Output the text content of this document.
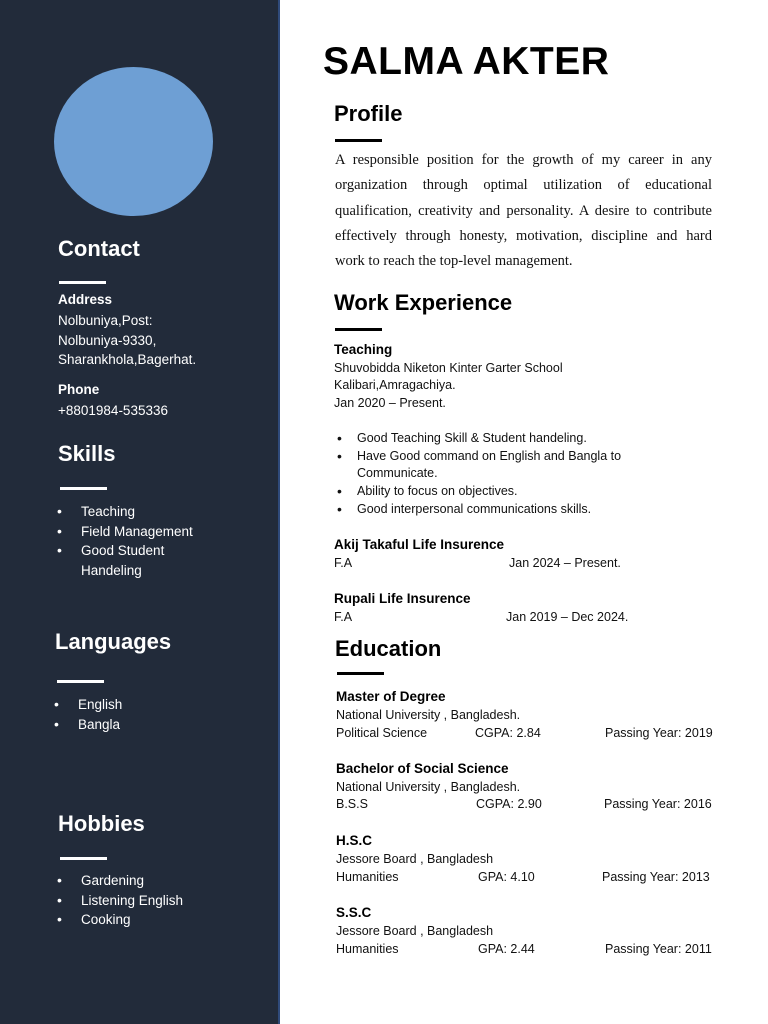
Contact
Address
Nolbuniya,Post:
Nolbuniya-9330,
Sharankhola,Bagerhat.
Phone
+8801984-535336
Skills
• Teaching
• Field Management
• Good Student
Handeling
Languages
• English
• Bangla
Hobbies
• Gardening
• Listening English
• Cooking
SALMA AKTER
Profile
A responsible position for the growth of my career in any organization through optimal utilization of educational qualification, creativity and personality. A desire to contribute effectively through honesty, motivation, discipline and hard work to reach the top-level management.
Work Experience
Teaching
Shuvobidda Niketon Kinter Garter School
Kalibari,Amragachiya.
Jan 2020 – Present.
• Good Teaching Skill & Student handeling.
• Have Good command on English and Bangla to Communicate.
• Ability to focus on objectives.
• Good interpersonal communications skills.
Akij Takaful Life Insurence
F.A	Jan 2024 – Present.
Rupali Life Insurence
F.A	Jan 2019 – Dec 2024.
Education
Master of Degree
National University , Bangladesh.
Political Science	CGPA: 2.84	Passing Year: 2019
Bachelor of Social Science
National University , Bangladesh.
B.S.S	CGPA: 2.90	Passing Year: 2016
H.S.C
Jessore Board , Bangladesh
Humanities	GPA: 4.10	Passing Year: 2013
S.S.C
Jessore Board , Bangladesh
Humanities	GPA: 2.44	Passing Year: 2011
